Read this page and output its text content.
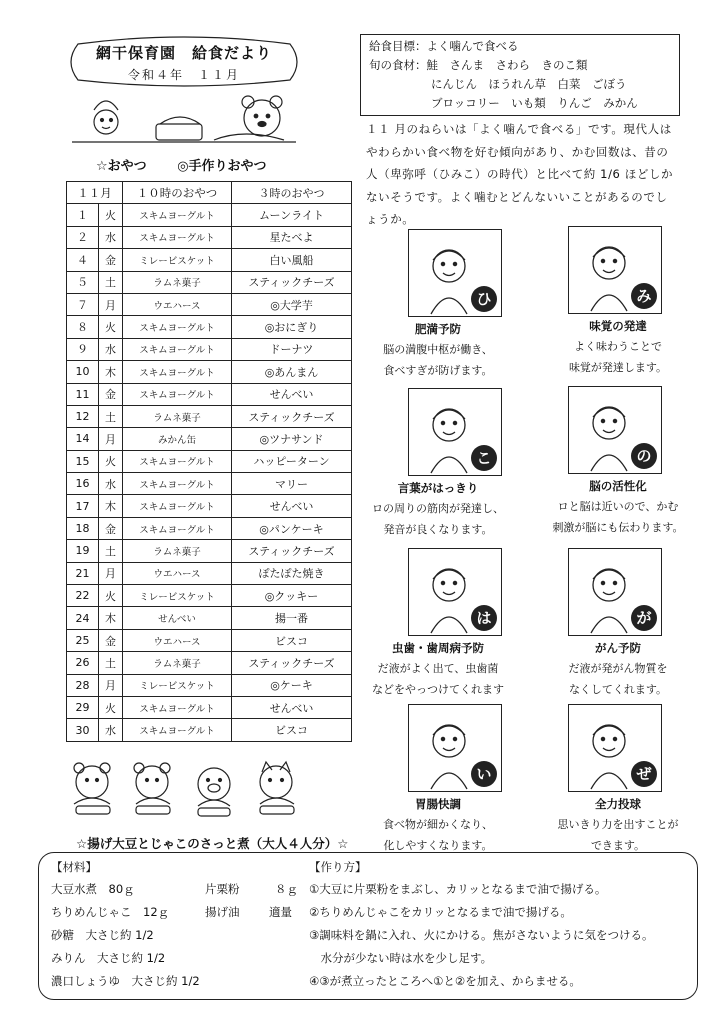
網干保育園　給食だより
令和４年　１１月
給食目標：よく噛んで食べる
旬の食材：鮭　さんま　さわら　きのこ類
にんじん　ほうれん草　白菜　ごぼう
ブロッコリー　いも類　りんご　みかん
１１ 月のねらいは「よく噛んで食べる」です。現代人は
やわらかい食べ物を好む傾向があり、かむ回数は、昔の
人（卑弥呼（ひみこ）の時代）と比べて約 1/6 ほどしか
ないそうです。よく噛むとどんないいことがあるのでし
ょうか。
☆おやつ ◎手作りおやつ
１１月		１０時のおやつ	３時のおやつ
１	火	スキムヨーグルト	ムーンライト
２	水	スキムヨーグルト	星たべよ
４	金	ミレービスケット	白い風船
５	土	ラムネ菓子	スティックチーズ
７	月	ウエハース	◎大学芋
８	火	スキムヨーグルト	◎おにぎり
９	水	スキムヨーグルト	ドーナツ
10	木	スキムヨーグルト	◎あんまん
11	金	スキムヨーグルト	せんべい
12	土	ラムネ菓子	スティックチーズ
14	月	みかん缶	◎ツナサンド
15	火	スキムヨーグルト	ハッピーターン
16	水	スキムヨーグルト	マリー
17	木	スキムヨーグルト	せんべい
18	金	スキムヨーグルト	◎パンケーキ
19	土	ラムネ菓子	スティックチーズ
21	月	ウエハース	ぽたぽた焼き
22	火	ミレービスケット	◎クッキー
24	木	せんべい	揚一番
25	金	ウエハース	ビスコ
26	土	ラムネ菓子	スティックチーズ
28	月	ミレービスケット	◎ケーキ
29	火	スキムヨーグルト	せんべい
30	水	スキムヨーグルト	ビスコ
ひ
肥満予防
脳の満腹中枢が働き、
食べすぎが防げます。
み
味覚の発達
よく味わうことで
味覚が発達します。
こ
言葉がはっきり
ロの周りの筋肉が発達し、
発音が良くなります。
の
脳の活性化
ロと脳は近いので、かむ
刺激が脳にも伝わります。
は
虫歯・歯周病予防
だ液がよく出て、虫歯菌
などをやっつけてくれます
が
がん予防
だ液が発がん物質を
なくしてくれます。
い
胃腸快調
食べ物が細かくなり、
化しやすくなります。
ぜ
全力投球
思いきり力を出すことが
できます。
☆揚げ大豆とじゃこのさっと煮（大人４人分）☆
【材料】	【作り方】
大豆水煮　80ｇ	片栗粉	８ｇ
ちりめんじゃこ　12ｇ	揚げ油	適量
砂糖　大さじ約 1/2
みりん　大さじ約 1/2
濃口しょうゆ　大さじ約 1/2
①大豆に片栗粉をまぶし、カリッとなるまで油で揚げる。
②ちりめんじゃこをカリッとなるまで油で揚げる。
③調味料を鍋に入れ、火にかける。焦がさないように気をつける。
　水分が少ない時は水を少し足す。
④③が煮立ったところへ①と②を加え、からませる。
